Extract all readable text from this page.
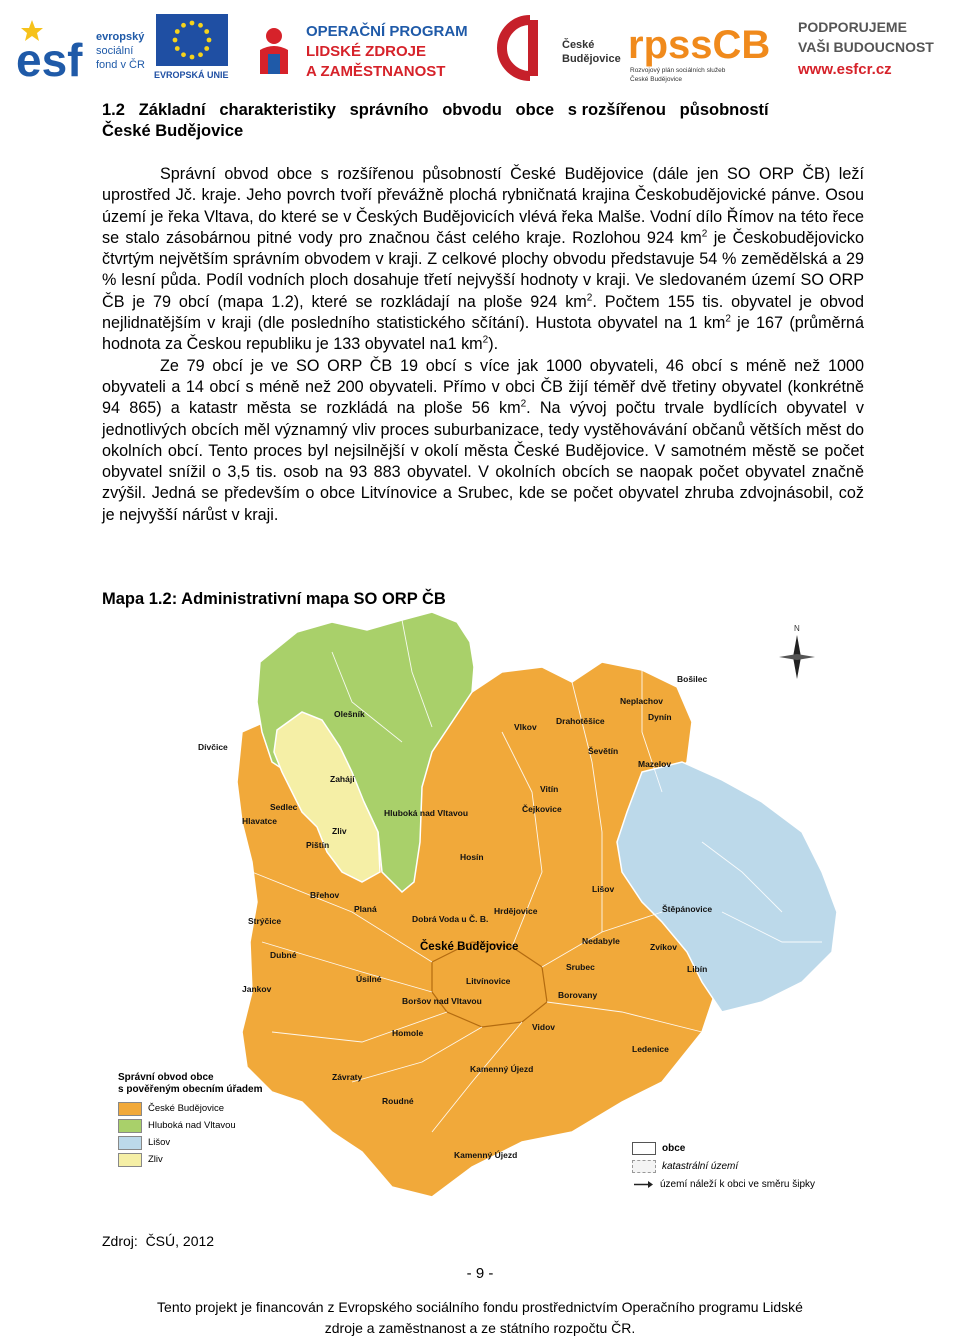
esf evropský
sociální
fond v ČR
EVROPSKÁ UNIE
OPERAČNÍ PROGRAM
LIDSKÉ ZDROJE
A ZAMĚSTNANOST
České
Budějovice rpssCB
Rozvojový plán sociálních služeb
České Budějovice
PODPORUJEME
VAŠI BUDOUCNOST
www.esfcr.cz
1.2   Základní   charakteristiky   správního   obvodu   obce   s rozšířenou   působností
České Budějovice

Správní obvod obce s rozšířenou působností České Budějovice (dále jen SO ORP ČB) leží uprostřed Jč. kraje. Jeho povrch tvoří převážně plochá rybničnatá krajina Českobudějovické pánve. Osou území je řeka Vltava, do které se v Českých Budějovicích vlévá řeka Malše. Vodní dílo Římov na této řece se stalo zásobárnou pitné vody pro značnou část celého kraje. Rozlohou 924 $km^2$ je Českobudějovicko čtvrtým největším správním obvodem v kraji. Z celkové plochy obvodu představuje 54 % zemědělská a 29 % lesní půda. Podíl vodních ploch dosahuje třetí nejvyšší hodnoty v kraji. Ve sledovaném území SO ORP ČB je 79 obcí (mapa 1.2), které se rozkládají na ploše 924 $km^2$. Počtem 155 tis. obyvatel je obvod nejlidnatějším v kraji (dle posledního statistického sčítání). Hustota obyvatel na 1 $km^2$ je 167 (průměrná hodnota za Českou republiku je 133 obyvatel na1 $km^2$).

Ze 79 obcí je ve SO ORP ČB 19 obcí s více jak 1000 obyvateli, 46 obcí s méně než 1000 obyvateli a 14 obcí s méně než 200 obyvateli. Přímo v obci ČB žijí téměř dvě třetiny obyvatel (konkrétně 94 865) a katastr města se rozkládá na ploše 56 $km^2$. Na vývoj počtu trvale bydlících obyvatel v jednotlivých obcích měl významný vliv proces suburbanizace, tedy vystěhovávání občanů větších měst do okolních obcí. Tento proces byl nejsilnější v okolí města České Budějovice. V samotném městě se počet obyvatel snížil o 3,5 tis. osob na 93 883 obyvatel. V okolních obcích se naopak počet obyvatel značně zvýšil. Jedná se především o obce Litvínovice a Srubec, kde se počet obyvatel zhruba zdvojnásobil, což je nejvyšší nárůst v kraji.

Mapa 1.2: Administrativní mapa SO ORP ČB
N
České Budějovice
Dívčice
Zahájí
Zliv
Olešník
Hluboká nad Vltavou
Hosín
Vlkov
Ševětín
Neplachov
Dynín
Drahotěšice
Mazelov
Bošilec
Vitín
Čejkovice
Lišov
Štěpánovice
Libín
Zvíkov
Sedlec
Hlavatce
Pištín
Břehov
Strýčice
Dubné
Jankov
Homole
Borovany
Ledenice
Kamenný Újezd
Srubec
Nedabyle
Hrdějovice
Dobrá Voda u Č. B.
Planá
Boršov nad Vltavou
Úsilné	Litvínovice
Vidov
Roudné
Závraty
Kamenný Újezd
Správní obvod obce
s pověřeným obecním úřadem
České Budějovice
Hluboká nad Vltavou
Lišov
Zliv
obce
katastrální území
území náleží k obci ve směru šipky
Zdroj:  ČSÚ, 2012
- 9 -
Tento projekt je financován z Evropského sociálního fondu prostřednictvím Operačního programu Lidské
zdroje a zaměstnanost a ze státního rozpočtu ČR.
